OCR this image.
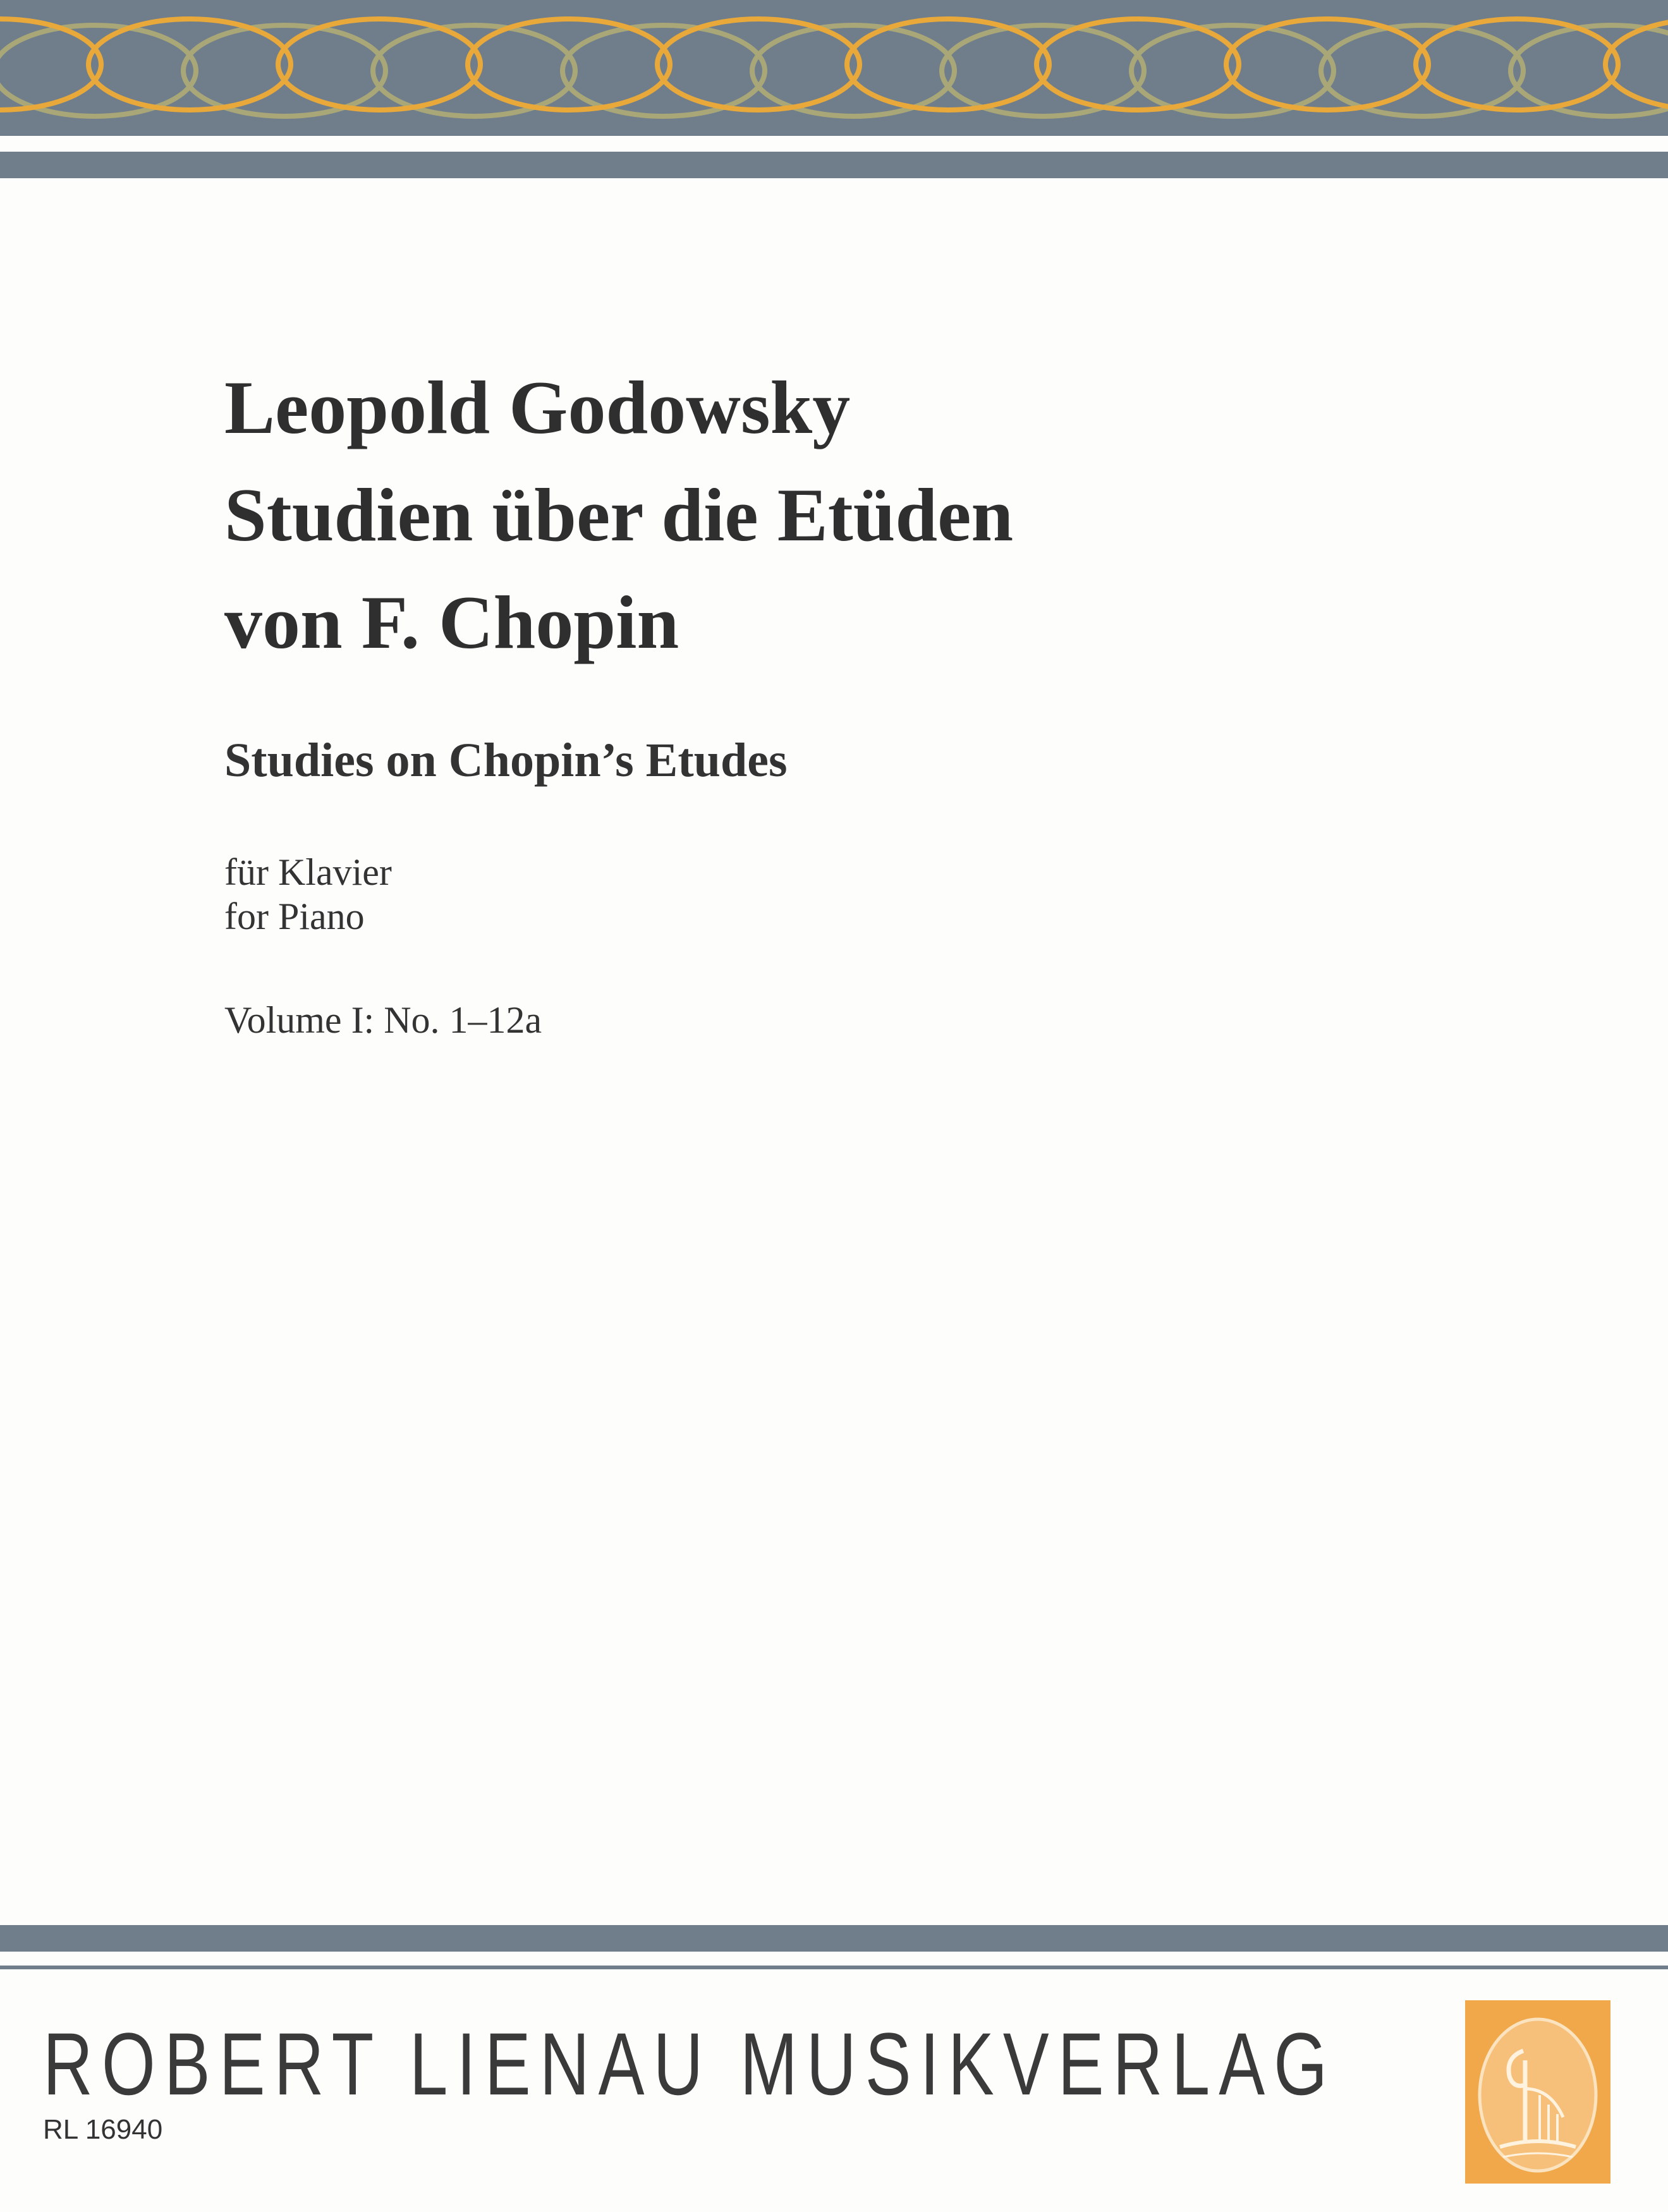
Leopold Godowsky
Studien über die Etüden
von F. Chopin
Studies on Chopin’s Etudes
für Klavier
for Piano
Volume I: No. 1–12a
ROBERT LIENAU MUSIKVERLAG
RL 16940
